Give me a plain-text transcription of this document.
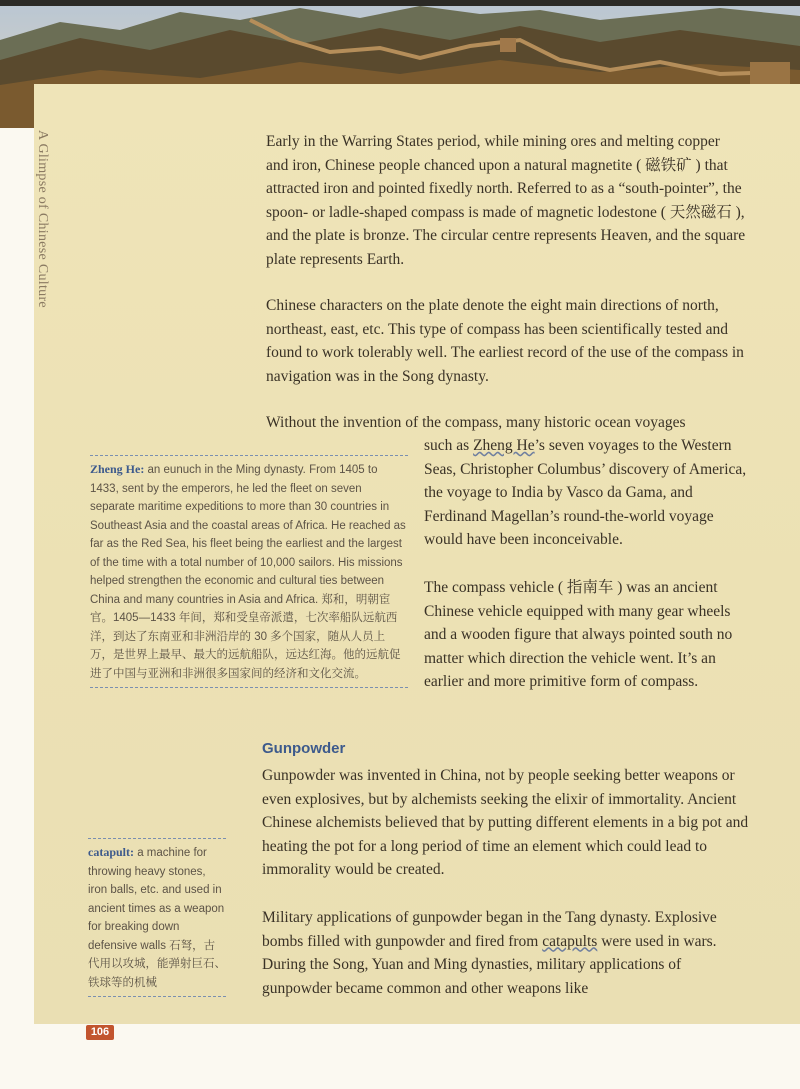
A Glimpse of Chinese Culture	Early in the Warring States period, while mining ores and melting copper and iron, Chinese people chanced upon a natural magnetite ( 磁铁矿 ) that attracted iron and pointed fixedly north. Referred to as a “south-pointer”, the spoon- or ladle-shaped compass is made of magnetic lodestone ( 天然磁石 ), and the plate is bronze. The circular centre represents Heaven, and the square plate represents Earth.

Chinese characters on the plate denote the eight main directions of north, northeast, east, etc. This type of compass has been scientifically tested and found to work tolerably well. The earliest record of the use of the compass in navigation was in the Song dynasty.

Without the invention of the compass, many historic ocean voyages

such as Zheng He’s seven voyages to the Western Seas, Christopher Columbus’ discovery of America, the voyage to India by Vasco da Gama, and Ferdinand Magellan’s round-the-world voyage would have been inconceivable.

The compass vehicle ( 指南车 ) was an ancient Chinese vehicle equipped with many gear wheels and a wooden figure that always pointed south no matter which direction the vehicle went. It’s an earlier and more primitive form of compass.

Gunpowder

Gunpowder was invented in China, not by people seeking better weapons or even explosives, but by alchemists seeking the elixir of immortality. Ancient Chinese alchemists believed that by putting different elements in a big pot and heating the pot for a long period of time an element which could lead to immorality would be created.

Military applications of gunpowder began in the Tang dynasty. Explosive bombs filled with gunpowder and fired from catapults were used in wars. During the Song, Yuan and Ming dynasties, military applications of gunpowder became common and other weapons like

Zheng He: an eunuch in the Ming dynasty. From 1405 to 1433, sent by the emperors, he led the fleet on seven separate maritime expeditions to more than 30 countries in Southeast Asia and the coastal areas of Africa. He reached as far as the Red Sea, his fleet being the earliest and the largest of the time with a total number of 10,000 sailors. His missions helped strengthen the economic and cultural ties between China and many countries in Asia and Africa. 郑和，明朝宦官。1405—1433 年间，郑和受皇帝派遣，七次率船队远航西洋，到达了东南亚和非洲沿岸的 30 多个国家，随从人员上万，是世界上最早、最大的远航船队，远达红海。他的远航促进了中国与亚洲和非洲很多国家间的经济和文化交流。
catapult: a machine for throwing heavy stones, iron balls, etc. and used in ancient times as a weapon for breaking down defensive walls 石弩，古代用以攻城，能弹射巨石、铁球等的机械
106
